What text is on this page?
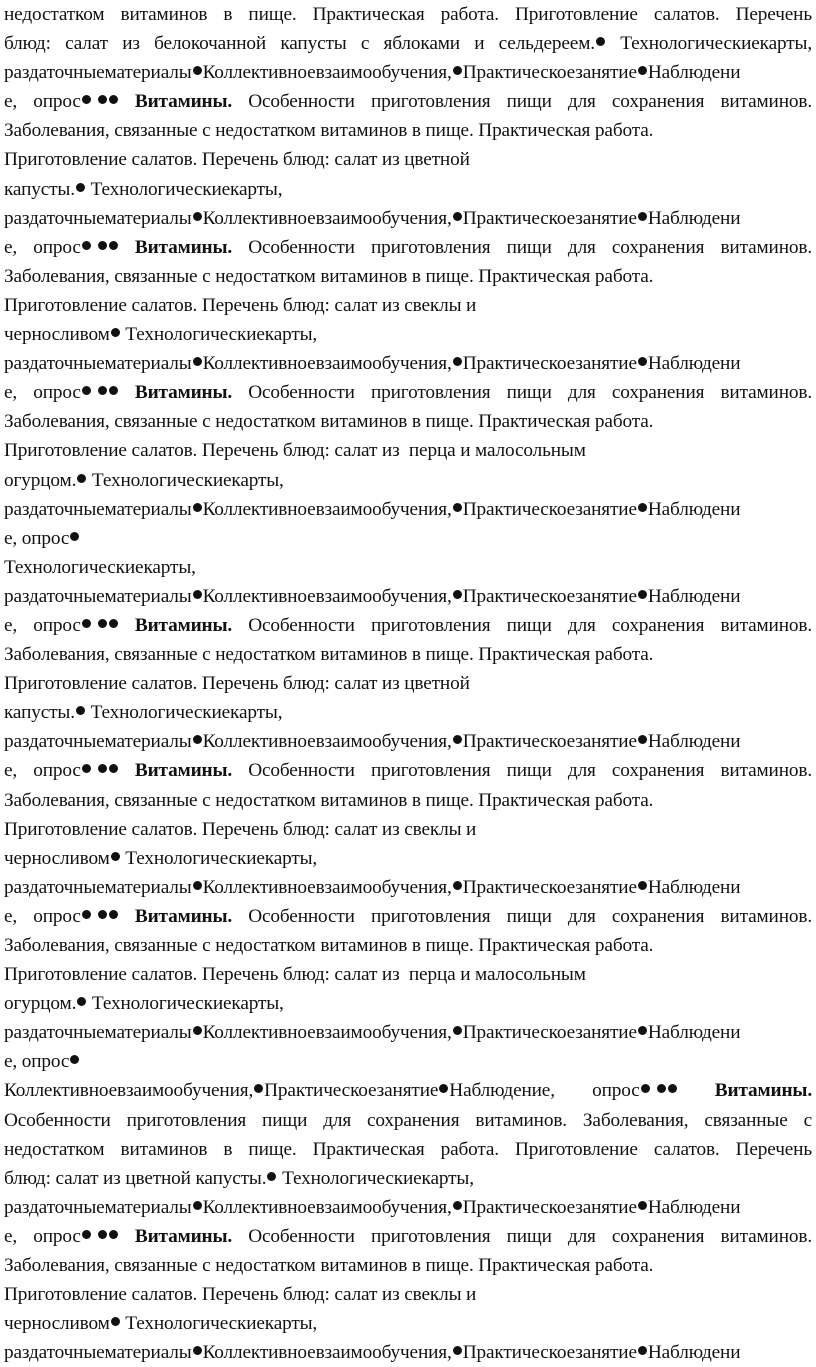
недостатком витаминов в пище. Практическая работа. Приготовление салатов. Перечень

блюд: салат из белокочанной капусты с яблоками и сельдереем. Технологическиекарты,

раздаточныематериалы Коллективноевзаимообучения, Практическоезанятие Наблюдени

е, опрос	Витамины. Особенности приготовления пищи для сохранения витаминов.

Заболевания, связанные с недостатком витаминов в пище. Практическая работа.

Приготовление салатов. Перечень блюд: салат из цветной

капусты. Технологическиекарты,

раздаточныематериалы Коллективноевзаимообучения, Практическоезанятие Наблюдени

е, опрос	Витамины. Особенности приготовления пищи для сохранения витаминов.

Заболевания, связанные с недостатком витаминов в пище. Практическая работа.

Приготовление салатов. Перечень блюд: салат из свеклы и

черносливом Технологическиекарты,

раздаточныематериалы Коллективноевзаимообучения, Практическоезанятие Наблюдени

е, опрос	Витамины. Особенности приготовления пищи для сохранения витаминов.

Заболевания, связанные с недостатком витаминов в пище. Практическая работа.

Приготовление салатов. Перечень блюд: салат из  перца и малосольным

огурцом. Технологическиекарты,

раздаточныематериалы Коллективноевзаимообучения, Практическоезанятие Наблюдени

е, опрос

Технологическиекарты,

раздаточныематериалы Коллективноевзаимообучения, Практическоезанятие Наблюдени

е, опрос	Витамины. Особенности приготовления пищи для сохранения витаминов.

Заболевания, связанные с недостатком витаминов в пище. Практическая работа.

Приготовление салатов. Перечень блюд: салат из цветной

капусты. Технологическиекарты,

раздаточныематериалы Коллективноевзаимообучения, Практическоезанятие Наблюдени

е, опрос	Витамины. Особенности приготовления пищи для сохранения витаминов.

Заболевания, связанные с недостатком витаминов в пище. Практическая работа.

Приготовление салатов. Перечень блюд: салат из свеклы и

черносливом Технологическиекарты,

раздаточныематериалы Коллективноевзаимообучения, Практическоезанятие Наблюдени

е, опрос	Витамины. Особенности приготовления пищи для сохранения витаминов.

Заболевания, связанные с недостатком витаминов в пище. Практическая работа.

Приготовление салатов. Перечень блюд: салат из  перца и малосольным

огурцом. Технологическиекарты,

раздаточныематериалы Коллективноевзаимообучения, Практическоезанятие Наблюдени

е, опрос

Коллективноевзаимообучения, Практическоезанятие Наблюдение, опрос	Витамины.

Особенности приготовления пищи для сохранения витаминов. Заболевания, связанные с

недостатком витаминов в пище. Практическая работа. Приготовление салатов. Перечень

блюд: салат из цветной капусты. Технологическиекарты,

раздаточныематериалы Коллективноевзаимообучения, Практическоезанятие Наблюдени

е, опрос	Витамины. Особенности приготовления пищи для сохранения витаминов.

Заболевания, связанные с недостатком витаминов в пище. Практическая работа.

Приготовление салатов. Перечень блюд: салат из свеклы и

черносливом Технологическиекарты,

раздаточныематериалы Коллективноевзаимообучения, Практическоезанятие Наблюдени
